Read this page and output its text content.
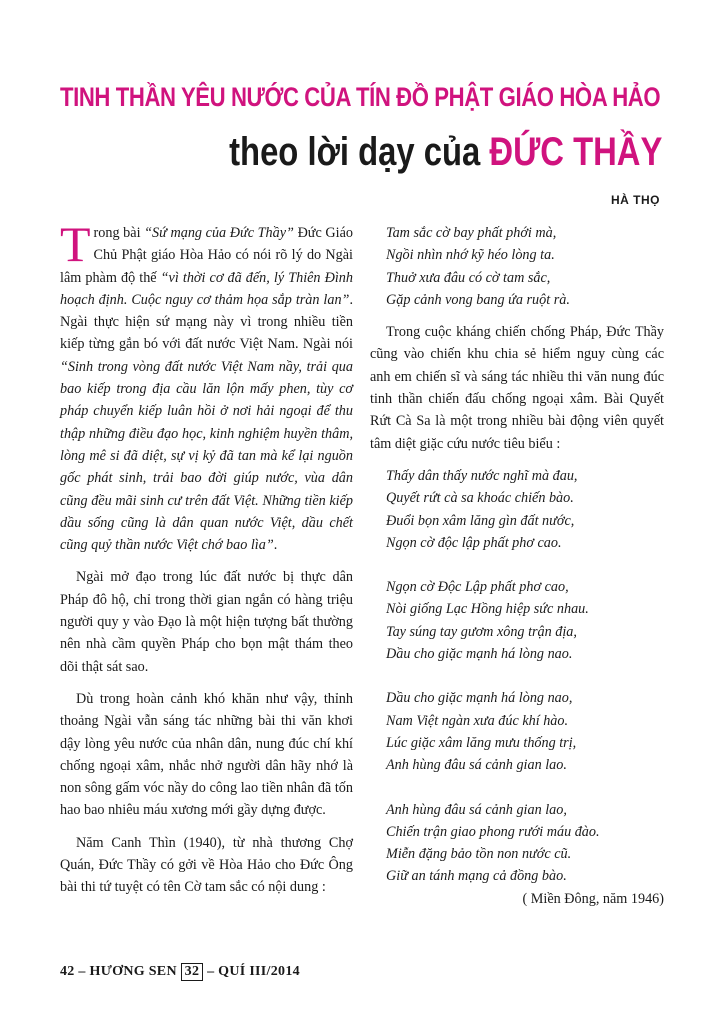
TINH THẦN YÊU NƯỚC CỦA TÍN ĐỒ PHẬT GIÁO HÒA HẢO
theo lời dạy của ĐỨC THẦY
HÀ THỌ

Trong bài “Sứ mạng của Đức Thầy” Đức Giáo Chủ Phật giáo Hòa Hảo có nói rõ lý do Ngài lâm phàm độ thế “vì thời cơ đã đến, lý Thiên Đình hoạch định. Cuộc nguy cơ thảm họa sắp tràn lan”. Ngài thực hiện sứ mạng này vì trong nhiều tiền kiếp từng gắn bó với đất nước Việt Nam. Ngài nói “Sinh trong vòng đất nước Việt Nam nầy, trải qua bao kiếp trong địa cầu lăn lộn mấy phen, tùy cơ pháp chuyển kiếp luân hồi ở nơi hải ngoại để thu thập những điều đạo học, kinh nghiệm huyền thâm, lòng mê si đã diệt, sự vị kỷ đã tan mà kể lại nguồn gốc phát sinh, trải bao đời giúp nước, vùa dân cũng đều mãi sinh cư trên đất Việt. Những tiền kiếp dầu sống cũng là dân quan nước Việt, dầu chết cũng quỷ thần nước Việt chớ bao lìa”.

Ngài mở đạo trong lúc đất nước bị thực dân Pháp đô hộ, chỉ trong thời gian ngắn có hàng triệu người quy y vào Đạo là một hiện tượng bất thường nên nhà cầm quyền Pháp cho bọn mật thám theo dõi thật sát sao.

Dù trong hoàn cảnh khó khăn như vậy, thỉnh thoảng Ngài vẫn sáng tác những bài thi văn khơi dậy lòng yêu nước của nhân dân, nung đúc chí khí chống ngoại xâm, nhắc nhở người dân hãy nhớ là non sông gấm vóc nầy do công lao tiền nhân đã tốn hao bao nhiêu máu xương mới gầy dựng được.

Năm Canh Thìn (1940), từ nhà thương Chợ Quán, Đức Thầy có gởi về Hòa Hảo cho Đức Ông bài thi tứ tuyệt có tên Cờ tam sắc có nội dung :

Tam sắc cờ bay phất phới mà,
Ngồi nhìn nhớ kỹ héo lòng ta.
Thuở xưa đâu có cờ tam sắc,
Gặp cảnh vong bang ứa ruột rà.

Trong cuộc kháng chiến chống Pháp, Đức Thầy cũng vào chiến khu chia sẻ hiểm nguy cùng các anh em chiến sĩ và sáng tác nhiều thi văn nung đúc tinh thần chiến đấu chống ngoại xâm. Bài Quyết Rứt Cà Sa là một trong nhiều bài động viên quyết tâm diệt giặc cứu nước tiêu biểu :

Thấy dân thấy nước nghĩ mà đau,
Quyết rứt cà sa khoác chiến bào.
Đuổi bọn xâm lăng gìn đất nước,
Ngọn cờ độc lập phất phơ cao.
Ngọn cờ Độc Lập phất phơ cao,
Nòi giống Lạc Hồng hiệp sức nhau.
Tay súng tay gươm xông trận địa,
Dầu cho giặc mạnh há lòng nao.
Dầu cho giặc mạnh há lòng nao,
Nam Việt ngàn xưa đúc khí hào.
Lúc giặc xâm lăng mưu thống trị,
Anh hùng đâu sá cảnh gian lao.
Anh hùng đâu sá cảnh gian lao,
Chiến trận giao phong rưới máu đào.
Miễn đặng bảo tồn non nước cũ.
Giữ an tánh mạng cả đồng bào.
( Miền Đông, năm 1946)
42 – HƯƠNG SEN 32 – QUÍ III/2014
